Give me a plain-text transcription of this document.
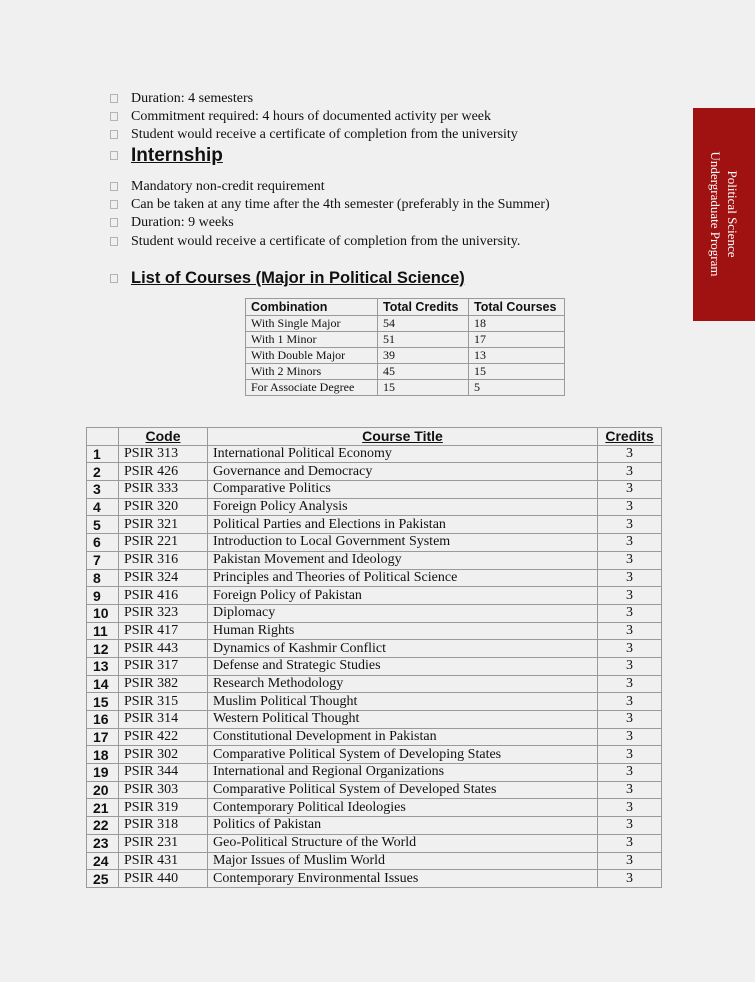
Duration: 4 semesters
Commitment required: 4 hours of documented activity per week
Student would receive a certificate of completion from the university
Internship
Mandatory non-credit requirement
Can be taken at any time after the 4th semester (preferably in the Summer)
Duration: 9 weeks
Student would receive a certificate of completion from the university.
List of Courses (Major in Political Science)
Political Science
Undergraduate Program
Combination	Total Credits	Total Courses
With Single Major	54	18
With 1 Minor	51	17
With Double Major	39	13
With 2 Minors	45	15
For Associate Degree	15	5
	Code	Course Title	Credits
1	PSIR 313	International Political Economy	3
2	PSIR 426	Governance and Democracy	3
3	PSIR 333	Comparative Politics	3
4	PSIR 320	Foreign Policy Analysis	3
5	PSIR 321	Political Parties and Elections in Pakistan	3
6	PSIR 221	Introduction to Local Government System	3
7	PSIR 316	Pakistan Movement and Ideology	3
8	PSIR 324	Principles and Theories of Political Science	3
9	PSIR 416	Foreign Policy of Pakistan	3
10	PSIR 323	Diplomacy	3
11	PSIR 417	Human Rights	3
12	PSIR 443	Dynamics of Kashmir Conflict	3
13	PSIR 317	Defense and Strategic Studies	3
14	PSIR 382	Research Methodology	3
15	PSIR 315	Muslim Political Thought	3
16	PSIR 314	Western Political Thought	3
17	PSIR 422	Constitutional Development in Pakistan	3
18	PSIR 302	Comparative Political System of Developing States	3
19	PSIR 344	International and Regional Organizations	3
20	PSIR 303	Comparative Political System of Developed States	3
21	PSIR 319	Contemporary Political Ideologies	3
22	PSIR 318	Politics of Pakistan	3
23	PSIR 231	Geo-Political Structure of the World	3
24	PSIR 431	Major Issues of Muslim World	3
25	PSIR 440	Contemporary Environmental Issues	3
